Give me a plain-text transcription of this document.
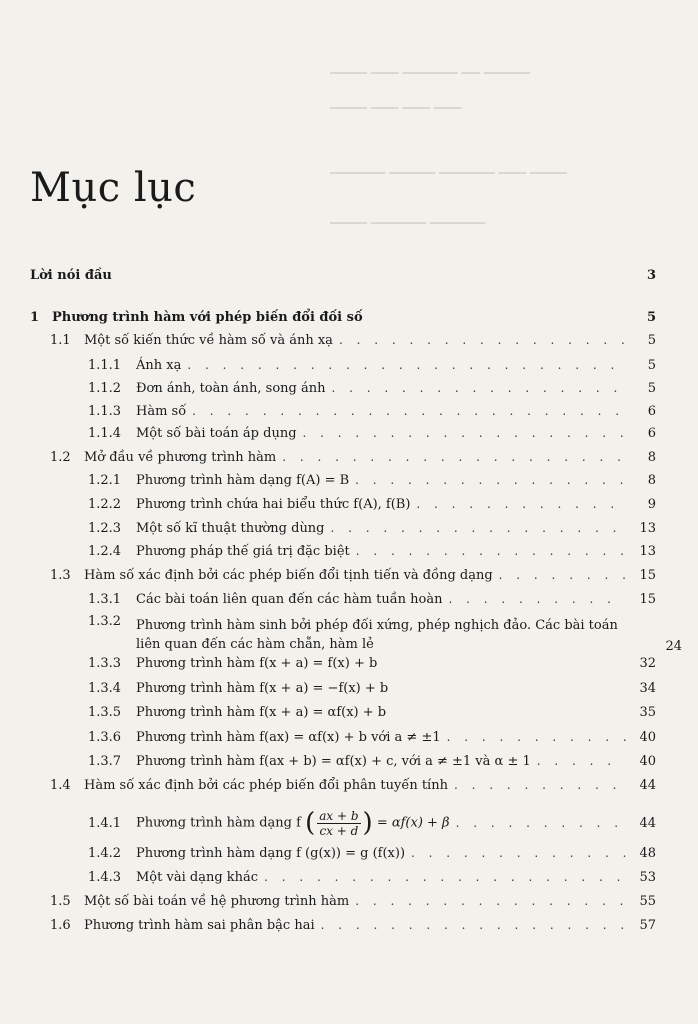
▁▁▁▁ ▁▁▁ ▁▁▁▁▁▁ ▁▁ ▁▁▁▁▁
▁▁▁▁ ▁▁▁ ▁▁▁ ▁▁▁
▁▁▁▁▁▁ ▁▁▁▁▁ ▁▁▁▁▁▁ ▁▁▁ ▁▁▁▁
▁▁▁▁ ▁▁▁▁▁▁ ▁▁▁▁▁▁
Mục lục
Lời nói đầu	3
1 Phương trình hàm với phép biến đổi đối số	5
1.1	Một số kiến thức về hàm số và ánh xạ . . .	5
1.1.1	Ánh xạ . . .	5
1.1.2	Đơn ánh, toàn ánh, song ánh . . .	5
1.1.3	Hàm số . . .	6
1.1.4	Một số bài toán áp dụng . . .	6
1.2	Mở đầu về phương trình hàm . . .	8
1.2.1	Phương trình hàm dạng f(A) = B . . .	8
1.2.2	Phương trình chứa hai biểu thức f(A), f(B) . . .	9
1.2.3	Một số kĩ thuật thường dùng . . .	13
1.2.4	Phương pháp thế giá trị đặc biệt . . .	13
1.3	Hàm số xác định bởi các phép biến đổi tịnh tiến và đồng dạng . . .	15
1.3.1	Các bài toán liên quan đến các hàm tuần hoàn . . .	15
1.3.2	Phương trình hàm sinh bởi phép đối xứng, phép nghịch đảo. Các bài toán liên quan đến các hàm chẵn, hàm lẻ	24
1.3.3	Phương trình hàm f(x + a) = f(x) + b	32
1.3.4	Phương trình hàm f(x + a) = −f(x) + b	34
1.3.5	Phương trình hàm f(x + a) = αf(x) + b	35
1.3.6	Phương trình hàm f(ax) = αf(x) + b với a ≠ ±1 . . .	40
1.3.7	Phương trình hàm f(ax + b) = αf(x) + c, với a ≠ ±1 và α ± 1 . . .	40
1.4	Hàm số xác định bởi các phép biến đổi phân tuyến tính . . .	44
1.4.1	Phương trình hàm dạng f ( $\frac{ax + b}{cx + d}$ ) = αf(x) + β . . .	44
1.4.2	Phương trình hàm dạng f (g(x)) = g (f(x)) . . .	48
1.4.3	Một vài dạng khác . . .	53
1.5	Một số bài toán về hệ phương trình hàm . . .	55
1.6	Phương trình hàm sai phân bậc hai . . .	57
